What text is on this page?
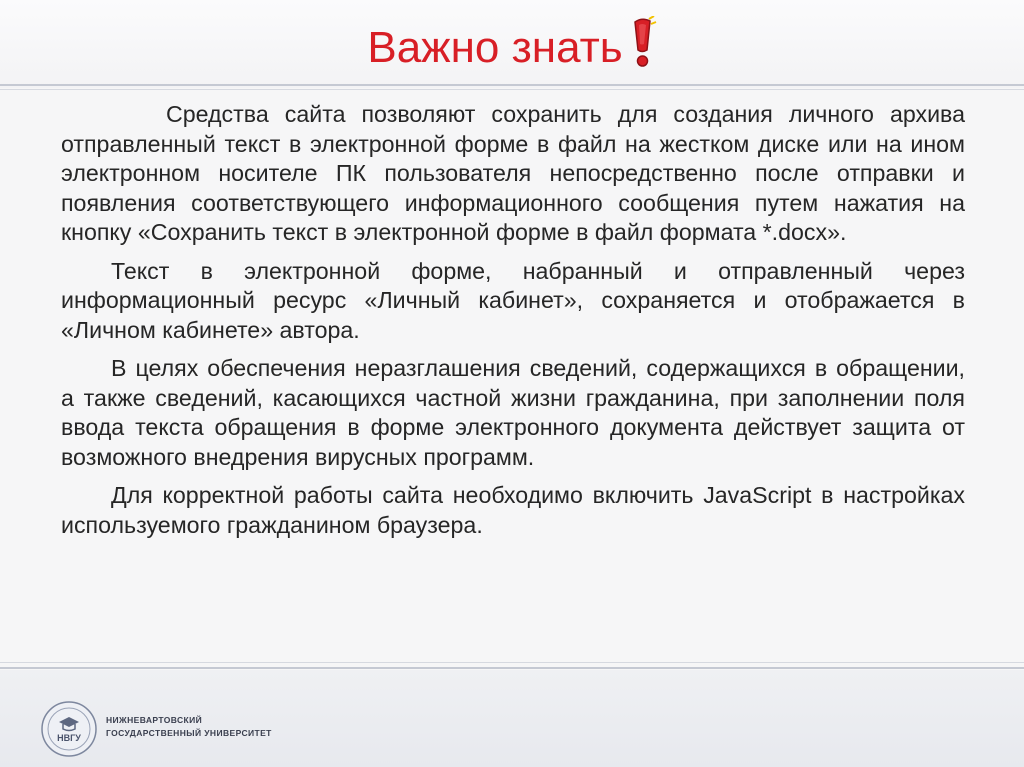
Важно знать

Средства сайта позволяют сохранить для создания личного архива отправленный текст в электронной форме в файл на жестком диске или на ином электронном носителе ПК пользователя непосредственно после отправки и появления соответствующего информационного сообщения путем нажатия на кнопку «Сохранить текст в электронной форме в файл формата *.docx».

Текст в электронной форме, набранный и отправленный через информационный ресурс «Личный кабинет», сохраняется и отображается в «Личном кабинете» автора.

В целях обеспечения неразглашения сведений, содержащихся в обращении, а также сведений, касающихся частной жизни гражданина, при заполнении поля ввода текста обращения в форме электронного документа действует защита от возможного внедрения вирусных программ.

Для корректной работы сайта необходимо включить JavaScript в настройках используемого гражданином браузера.

НВГУ
НИЖНЕВАРТОВСКИЙ
ГОСУДАРСТВЕННЫЙ УНИВЕРСИТЕТ
